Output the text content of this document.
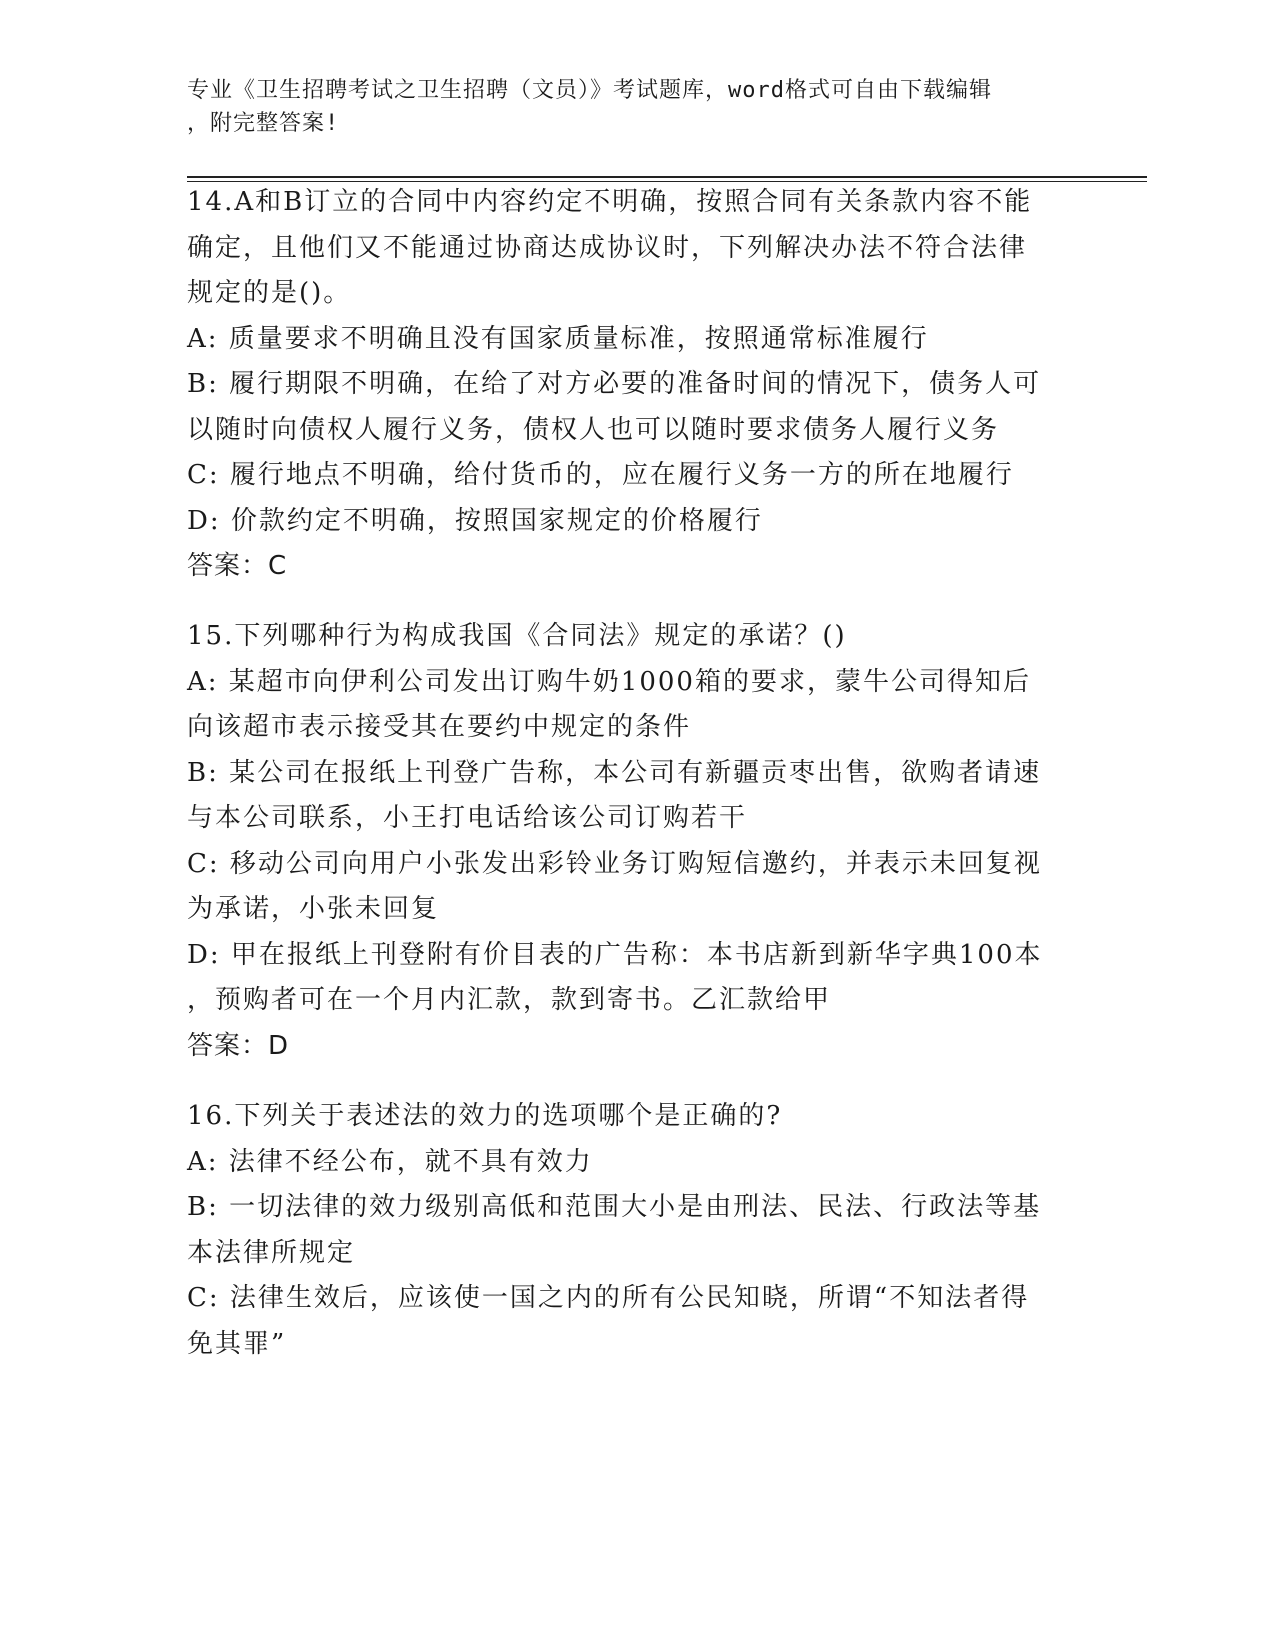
专业《卫生招聘考试之卫生招聘（文员）》考试题库，word格式可自由下载编辑
，附完整答案!
14.A和B订立的合同中内容约定不明确，按照合同有关条款内容不能
确定，且他们又不能通过协商达成协议时，下列解决办法不符合法律
规定的是()。
A: 质量要求不明确且没有国家质量标准，按照通常标准履行
B: 履行期限不明确，在给了对方必要的准备时间的情况下，债务人可
以随时向债权人履行义务，债权人也可以随时要求债务人履行义务
C: 履行地点不明确，给付货币的，应在履行义务一方的所在地履行
D: 价款约定不明确，按照国家规定的价格履行
答案：C
15.下列哪种行为构成我国《合同法》规定的承诺？()
A: 某超市向伊利公司发出订购牛奶1000箱的要求，蒙牛公司得知后
向该超市表示接受其在要约中规定的条件
B: 某公司在报纸上刊登广告称，本公司有新疆贡枣出售，欲购者请速
与本公司联系，小王打电话给该公司订购若干
C: 移动公司向用户小张发出彩铃业务订购短信邀约，并表示未回复视
为承诺，小张未回复
D: 甲在报纸上刊登附有价目表的广告称：本书店新到新华字典100本
，预购者可在一个月内汇款，款到寄书。乙汇款给甲
答案：D
16.下列关于表述法的效力的选项哪个是正确的?
A: 法律不经公布，就不具有效力
B: 一切法律的效力级别高低和范围大小是由刑法、民法、行政法等基
本法律所规定
C: 法律生效后，应该使一国之内的所有公民知晓，所谓“不知法者得
免其罪”
